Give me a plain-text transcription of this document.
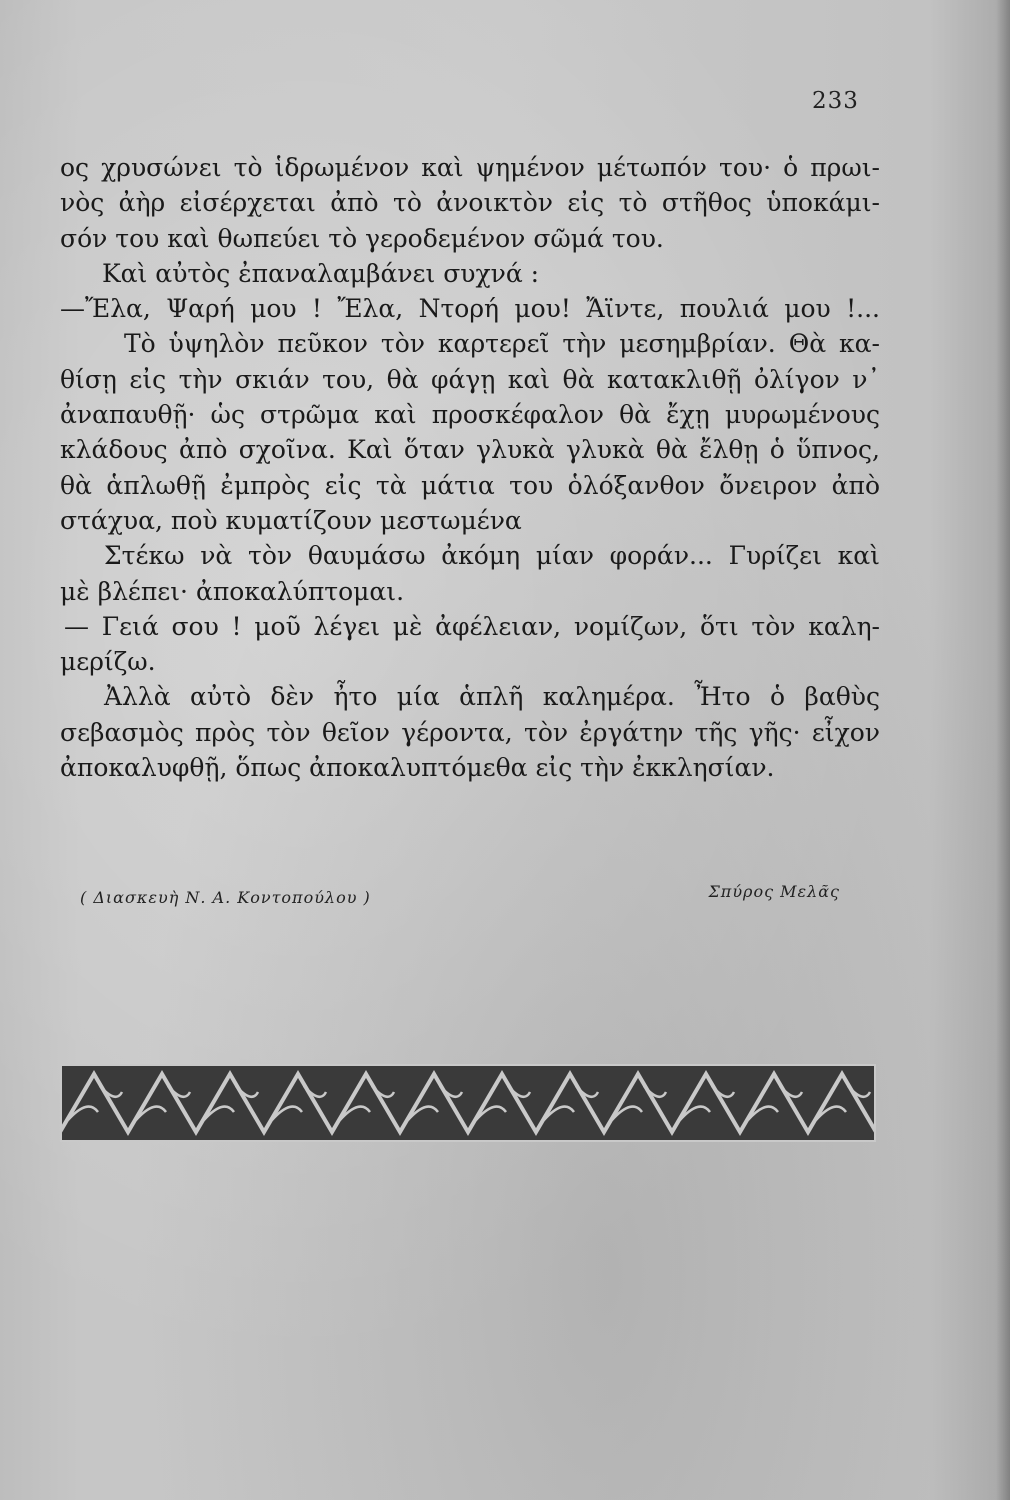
233
ος χρυσώνει τὸ ἱδρωμένον καὶ ψημένον μέτωπόν του· ὁ πρωι-
νὸς ἀὴρ εἰσέρχεται ἀπὸ τὸ ἀνοικτὸν εἰς τὸ στῆθος ὑποκάμι-
σόν του καὶ θωπεύει τὸ γεροδεμένον σῶμά του.
Καὶ αὐτὸς ἐπαναλαμβάνει συχνά :
—Ἔλα, Ψαρή μου ! Ἔλα, Ντορή μου! Ἄϊντε, πουλιά μου !...
Τὸ ὑψηλὸν πεῦκον τὸν καρτερεῖ τὴν μεσημβρίαν. Θὰ κα-
θίσῃ εἰς τὴν σκιάν του, θὰ φάγῃ καὶ θὰ κατακλιθῇ ὀλίγον ν᾽
ἀναπαυθῇ· ὡς στρῶμα καὶ προσκέφαλον θὰ ἔχῃ μυρωμένους
κλάδους ἀπὸ σχοῖνα. Καὶ ὅταν γλυκὰ γλυκὰ θὰ ἔλθῃ ὁ ὕπνος,
θὰ ἁπλωθῇ ἐμπρὸς εἰς τὰ μάτια του ὁλόξανθον ὄνειρον ἀπὸ
στάχυα, ποὺ κυματίζουν μεστωμένα
Στέκω νὰ τὸν θαυμάσω ἀκόμη μίαν φοράν... Γυρίζει καὶ
μὲ βλέπει· ἀποκαλύπτομαι.
— Γειά σου ! μοῦ λέγει μὲ ἀφέλειαν, νομίζων, ὅτι τὸν καλη-
μερίζω.
Ἀλλὰ αὐτὸ δὲν ἦτο μία ἁπλῆ καλημέρα. Ἦτο ὁ βαθὺς
σεβασμὸς πρὸς τὸν θεῖον γέροντα, τὸν ἐργάτην τῆς γῆς· εἶχον
ἀποκαλυφθῇ, ὅπως ἀποκαλυπτόμεθα εἰς τὴν ἐκκλησίαν.
( Διασκευὴ Ν. Α. Κοντοπούλου )	Σπύρος Μελᾶς
